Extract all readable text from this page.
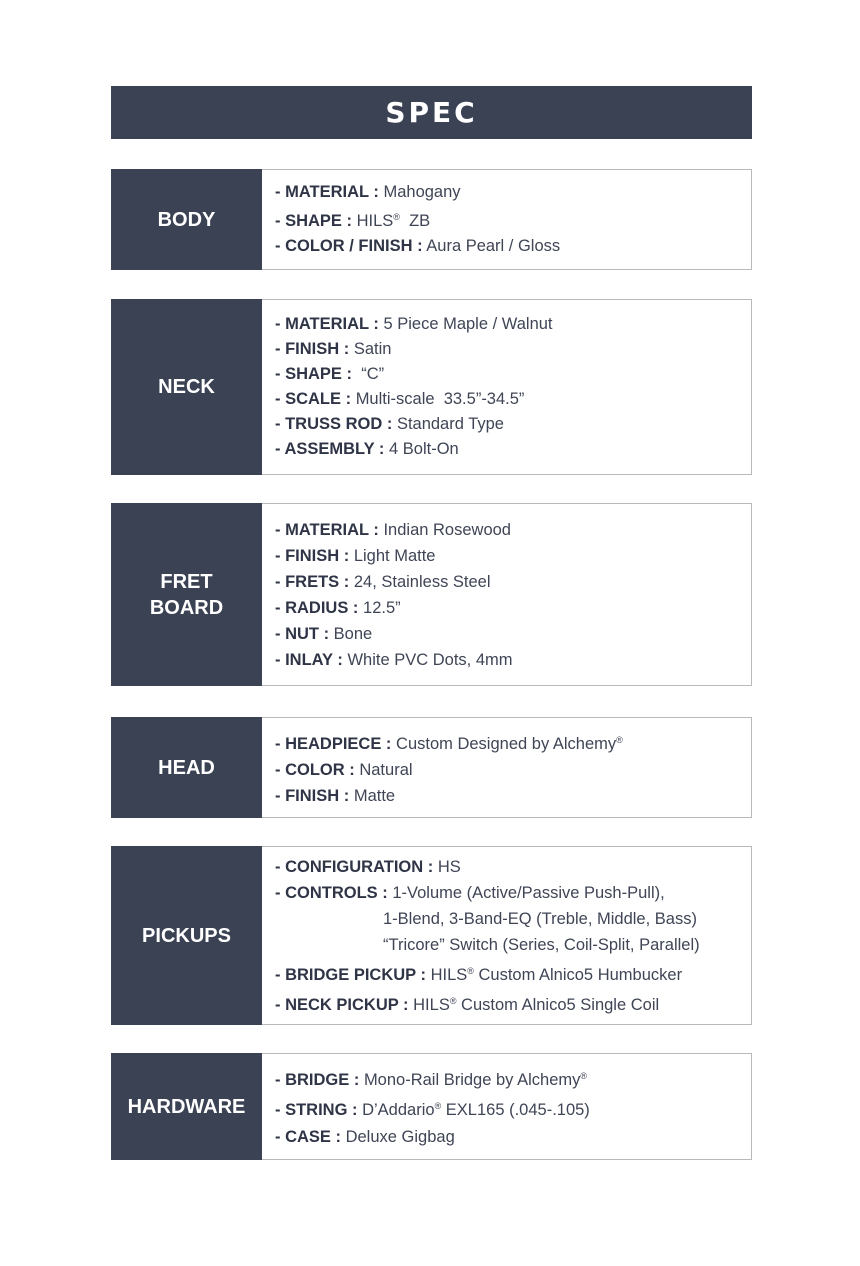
SPEC
BODY
- MATERIAL : Mahogany
- SHAPE : HILS®  ZB
- COLOR / FINISH : Aura Pearl / Gloss
NECK
- MATERIAL : 5 Piece Maple / Walnut
- FINISH : Satin
- SHAPE :  “C”
- SCALE : Multi-scale  33.5”-34.5”
- TRUSS ROD : Standard Type
- ASSEMBLY : 4 Bolt-On
FRET
BOARD
- MATERIAL : Indian Rosewood
- FINISH : Light Matte
- FRETS : 24, Stainless Steel
- RADIUS : 12.5”
- NUT : Bone
- INLAY : White PVC Dots, 4mm
HEAD
- HEADPIECE : Custom Designed by Alchemy®
- COLOR : Natural
- FINISH : Matte
PICKUPS
- CONFIGURATION : HS
- CONTROLS : 1-Volume (Active/Passive Push-Pull),
1-Blend, 3-Band-EQ (Treble, Middle, Bass)
“Tricore” Switch (Series, Coil-Split, Parallel)
- BRIDGE PICKUP : HILS® Custom Alnico5 Humbucker
- NECK PICKUP : HILS® Custom Alnico5 Single Coil
HARDWARE
- BRIDGE : Mono-Rail Bridge by Alchemy®
- STRING : D’Addario® EXL165 (.045-.105)
- CASE : Deluxe Gigbag
